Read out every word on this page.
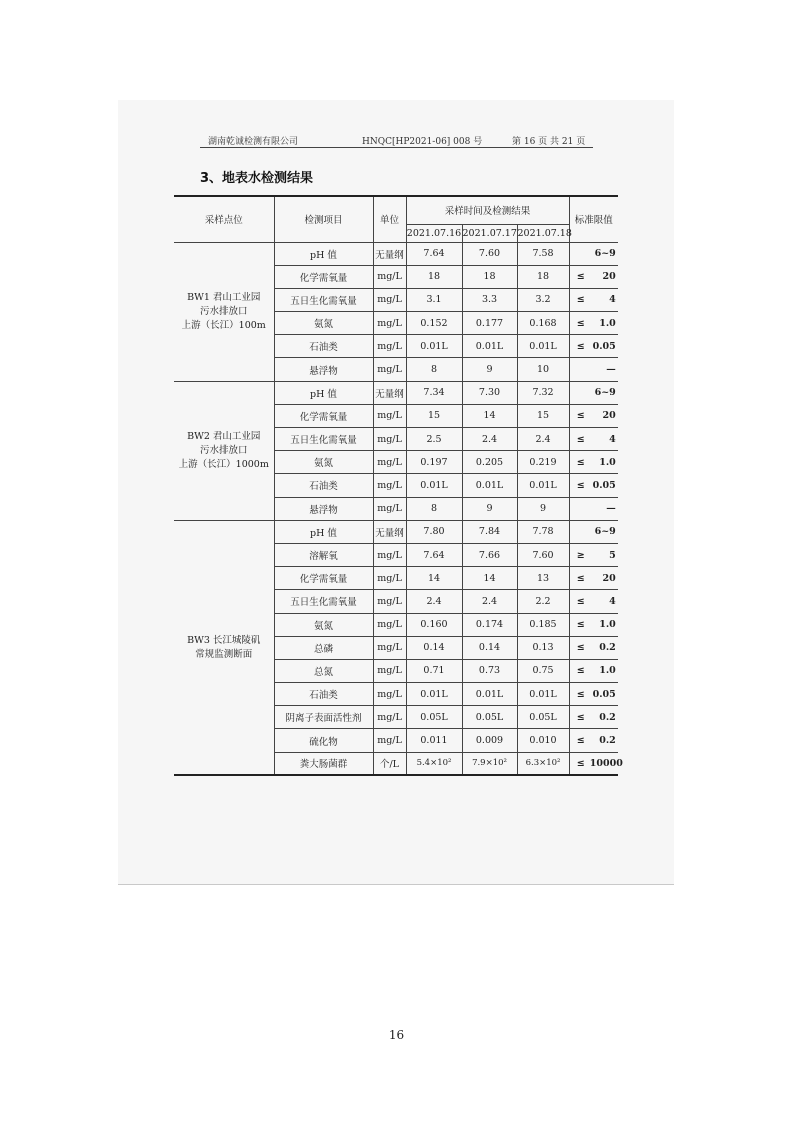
湖南乾诚检测有限公司	HNQC[HP2021-06] 008 号	第 16 页 共 21 页
3、地表水检测结果
采样点位	检测项目	单位	采样时间及检测结果			标准限值
			2021.07.16	2021.07.17	2021.07.18	

BW1 君山工业园
污水排放口
上游（长江）100m	pH 值	无量纲	7.64	7.60	7.58	6~9
	化学需氧量	mg/L	18	18	18	≤ 20
	五日生化需氧量	mg/L	3.1	3.3	3.2	≤ 4
	氨氮	mg/L	0.152	0.177	0.168	≤ 1.0
	石油类	mg/L	0.01L	0.01L	0.01L	≤ 0.05
	悬浮物	mg/L	8	9	10	—

BW2 君山工业园
污水排放口
上游（长江）1000m	pH 值	无量纲	7.34	7.30	7.32	6~9
	化学需氧量	mg/L	15	14	15	≤ 20
	五日生化需氧量	mg/L	2.5	2.4	2.4	≤ 4
	氨氮	mg/L	0.197	0.205	0.219	≤ 1.0
	石油类	mg/L	0.01L	0.01L	0.01L	≤ 0.05
	悬浮物	mg/L	8	9	9	—

BW3 长江城陵矶
常规监测断面	pH 值	无量纲	7.80	7.84	7.78	6~9
	溶解氧	mg/L	7.64	7.66	7.60	≥ 5
	化学需氧量	mg/L	14	14	13	≤ 20
	五日生化需氧量	mg/L	2.4	2.4	2.2	≤ 4
	氨氮	mg/L	0.160	0.174	0.185	≤ 1.0
	总磷	mg/L	0.14	0.14	0.13	≤ 0.2
	总氮	mg/L	0.71	0.73	0.75	≤ 1.0
	石油类	mg/L	0.01L	0.01L	0.01L	≤ 0.05
	阴离子表面活性剂	mg/L	0.05L	0.05L	0.05L	≤ 0.2
	硫化物	mg/L	0.011	0.009	0.010	≤ 0.2
	粪大肠菌群	个/L	5.4×10²	7.9×10²	6.3×10²	≤ 10000
16
